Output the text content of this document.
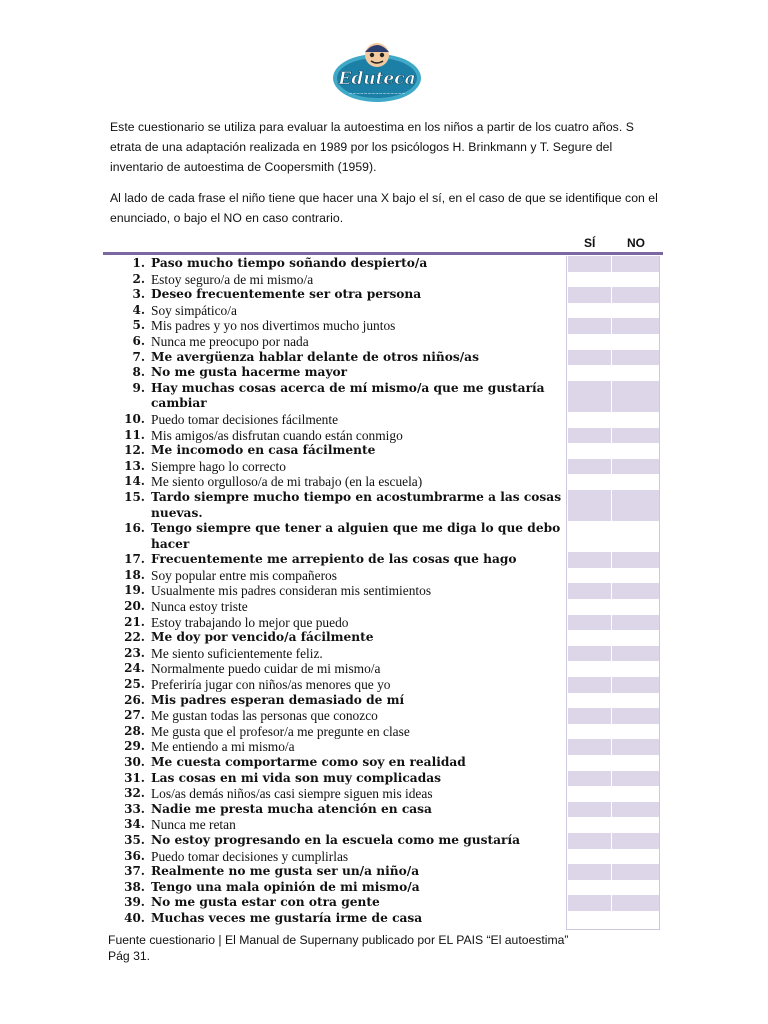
Eduteca
~~~~~~~~~~~~~~~

Este cuestionario se utiliza para evaluar la autoestima en los niños a partir de los cuatro años. S etrata de una adaptación realizada en 1989 por los psicólogos H. Brinkmann y T. Segure del inventario de autoestima de Coopersmith (1959).

Al lado de cada frase el niño tiene que hacer una X bajo el sí, en el caso de que se identifique con el enunciado, o bajo el NO en caso contrario.

SÍ	NO
1. Paso mucho tiempo soñando despierto/a
2. Estoy seguro/a de mi mismo/a
3. Deseo frecuentemente ser otra persona
4. Soy simpático/a
5. Mis padres y yo nos divertimos mucho juntos
6. Nunca me preocupo por nada
7. Me avergüenza hablar delante de otros niños/as
8. No me gusta hacerme mayor
9. Hay muchas cosas acerca de mí mismo/a que me gustaría cambiar
10. Puedo tomar decisiones fácilmente
11. Mis amigos/as disfrutan cuando están conmigo
12. Me incomodo en casa fácilmente
13. Siempre hago lo correcto
14. Me siento orgulloso/a de mi trabajo (en la escuela)
15. Tardo siempre mucho tiempo en acostumbrarme a las cosas nuevas.
16. Tengo siempre que tener a alguien que me diga lo que debo hacer
17. Frecuentemente me arrepiento de las cosas que hago
18. Soy popular entre mis compañeros
19. Usualmente mis padres consideran mis sentimientos
20. Nunca estoy triste
21. Estoy trabajando lo mejor que puedo
22. Me doy por vencido/a fácilmente
23. Me siento suficientemente feliz.
24. Normalmente puedo cuidar de mi mismo/a
25. Preferiría jugar con niños/as menores que yo
26. Mis padres esperan demasiado de mí
27. Me gustan todas las personas que conozco
28. Me gusta que el profesor/a me pregunte en clase
29. Me entiendo a mi mismo/a
30. Me cuesta comportarme como soy en realidad
31. Las cosas en mi vida son muy complicadas
32. Los/as demás niños/as casi siempre siguen mis ideas
33. Nadie me presta mucha atención en casa
34. Nunca me retan
35. No estoy progresando en la escuela como me gustaría
36. Puedo tomar decisiones y cumplirlas
37. Realmente no me gusta ser un/a niño/a
38. Tengo una mala opinión de mi mismo/a
39. No me gusta estar con otra gente
40. Muchas veces me gustaría irme de casa
Fuente cuestionario | El Manual de Supernany publicado por EL PAIS “El autoestima”
Pág 31.
